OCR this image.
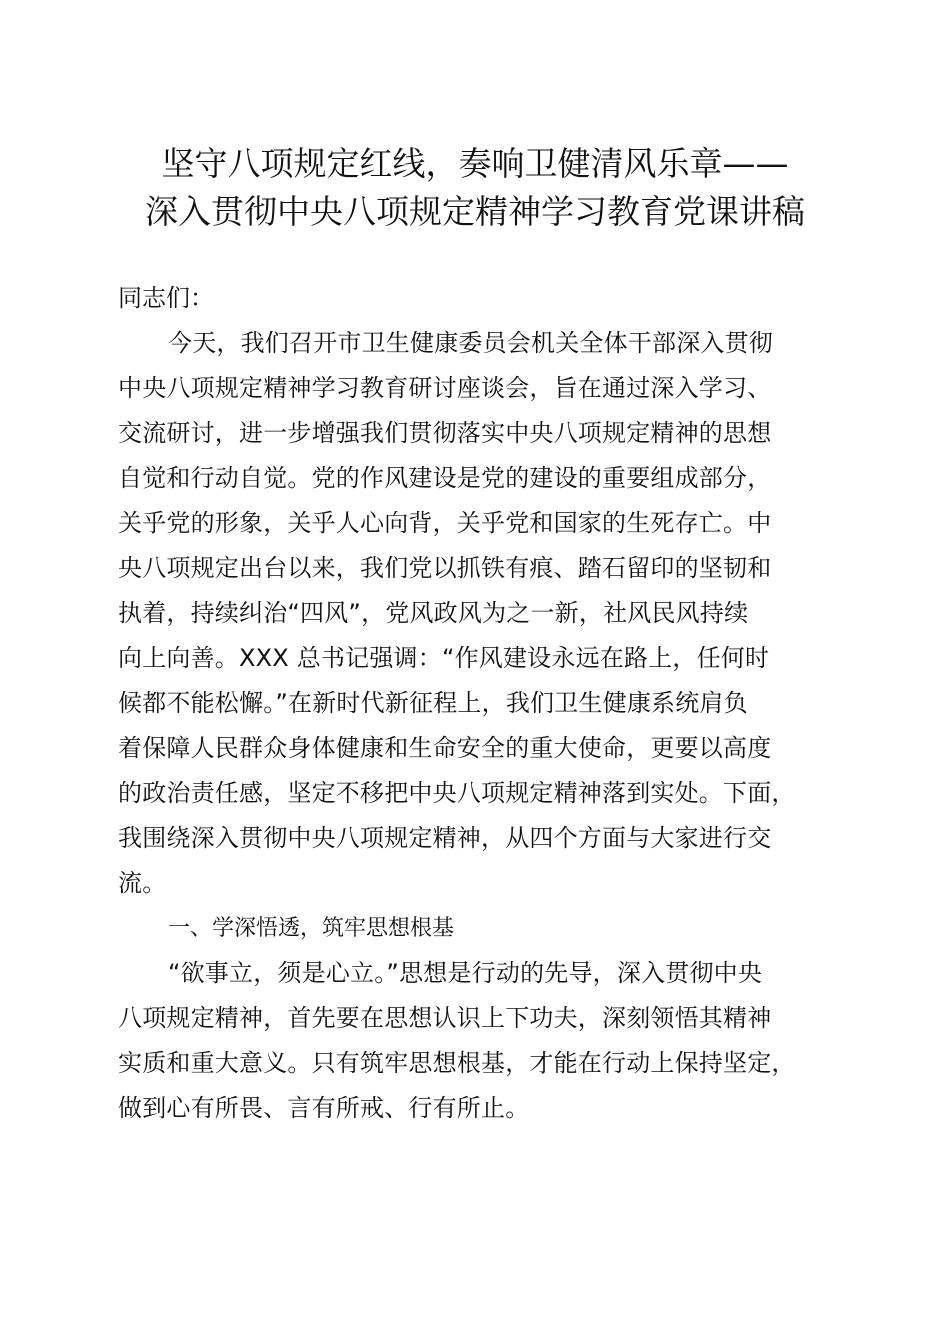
坚守八项规定红线，奏响卫健清风乐章——
深入贯彻中央八项规定精神学习教育党课讲稿
同志们：
今天，我们召开市卫生健康委员会机关全体干部深入贯彻
中央八项规定精神学习教育研讨座谈会，旨在通过深入学习、
交流研讨，进一步增强我们贯彻落实中央八项规定精神的思想
自觉和行动自觉。党的作风建设是党的建设的重要组成部分，
关乎党的形象，关乎人心向背，关乎党和国家的生死存亡。中
央八项规定出台以来，我们党以抓铁有痕、踏石留印的坚韧和
执着，持续纠治“四风”，党风政风为之一新，社风民风持续
向上向善。XXX 总书记强调：“作风建设永远在路上，任何时
候都不能松懈。”在新时代新征程上，我们卫生健康系统肩负
着保障人民群众身体健康和生命安全的重大使命，更要以高度
的政治责任感，坚定不移把中央八项规定精神落到实处。下面，
我围绕深入贯彻中央八项规定精神，从四个方面与大家进行交
流。
一、学深悟透，筑牢思想根基
“欲事立，须是心立。”思想是行动的先导，深入贯彻中央
八项规定精神，首先要在思想认识上下功夫，深刻领悟其精神
实质和重大意义。只有筑牢思想根基，才能在行动上保持坚定，
做到心有所畏、言有所戒、行有所止。
